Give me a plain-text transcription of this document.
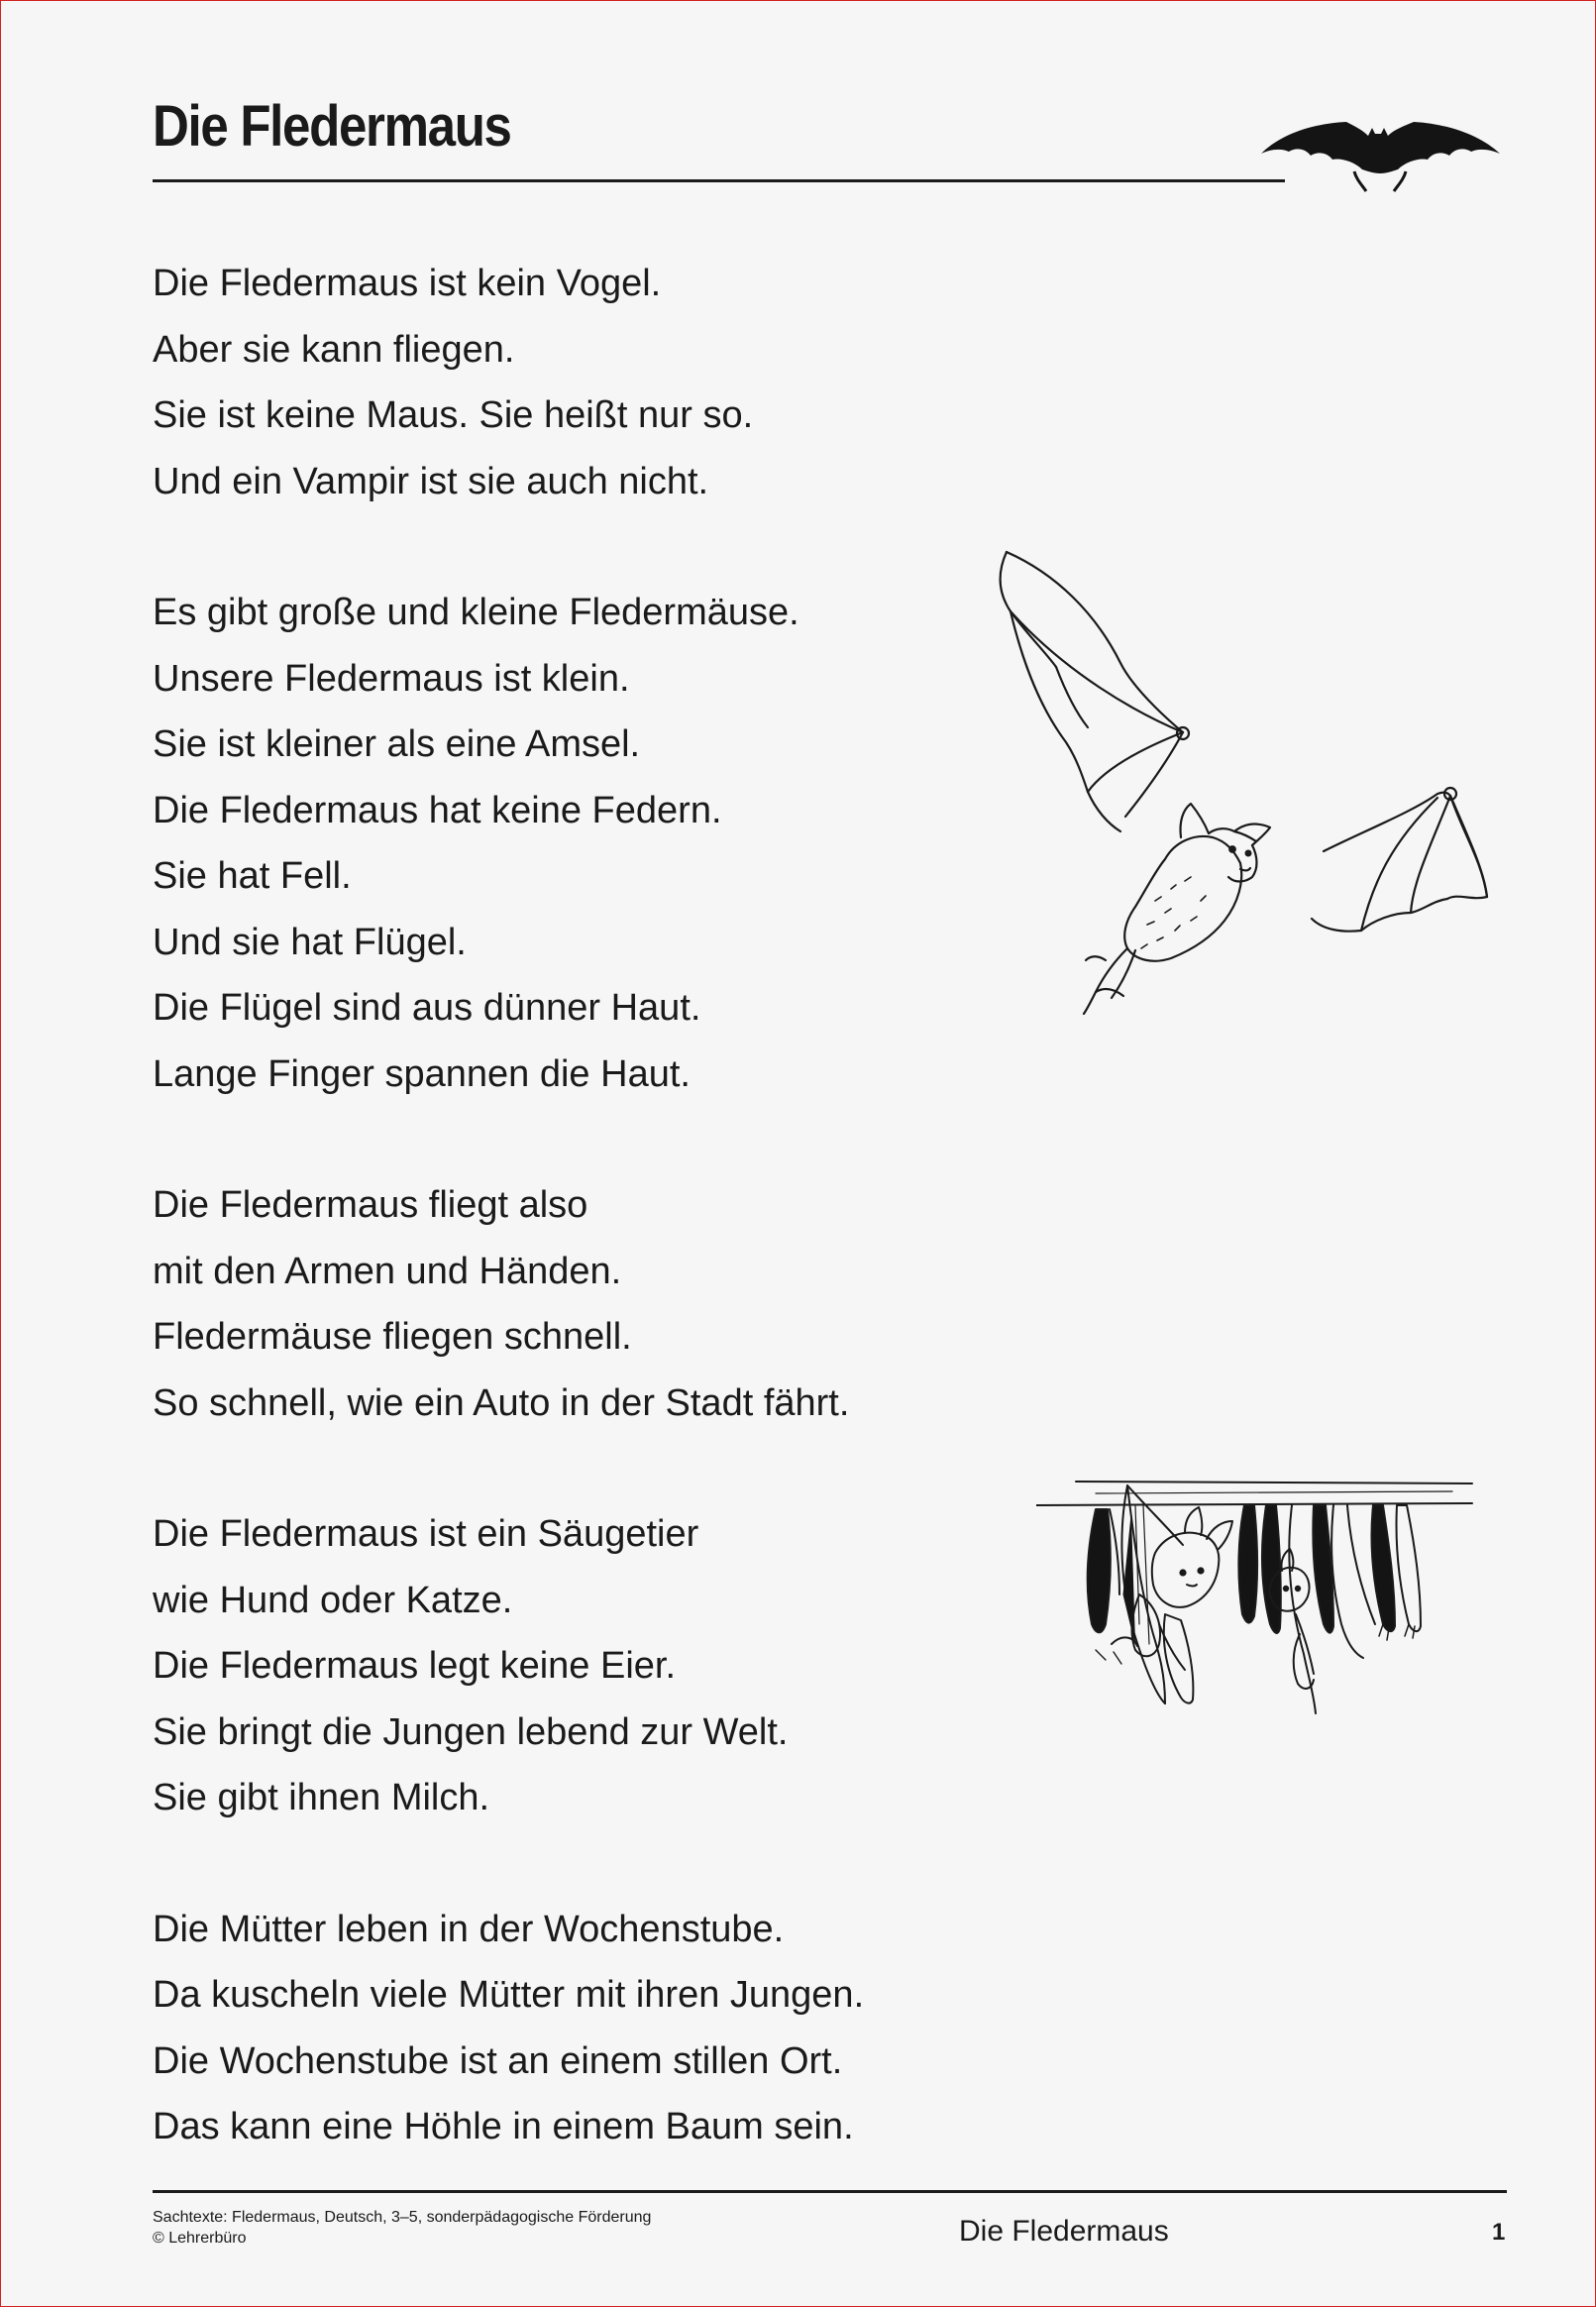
Die Fledermaus
Die Fledermaus ist kein Vogel.
Aber sie kann fliegen.
Sie ist keine Maus. Sie heißt nur so.
Und ein Vampir ist sie auch nicht.
Es gibt große und kleine Fledermäuse.
Unsere Fledermaus ist klein.
Sie ist kleiner als eine Amsel.
Die Fledermaus hat keine Federn.
Sie hat Fell.
Und sie hat Flügel.
Die Flügel sind aus dünner Haut.
Lange Finger spannen die Haut.
Die Fledermaus fliegt also
mit den Armen und Händen.
Fledermäuse fliegen schnell.
So schnell, wie ein Auto in der Stadt fährt.
Die Fledermaus ist ein Säugetier
wie Hund oder Katze.
Die Fledermaus legt keine Eier.
Sie bringt die Jungen lebend zur Welt.
Sie gibt ihnen Milch.
Die Mütter leben in der Wochenstube.
Da kuscheln viele Mütter mit ihren Jungen.
Die Wochenstube ist an einem stillen Ort.
Das kann eine Höhle in einem Baum sein.
Sachtexte: Fledermaus, Deutsch, 3–5, sonderpädagogische Förderung
© Lehrerbüro	Die Fledermaus	1
